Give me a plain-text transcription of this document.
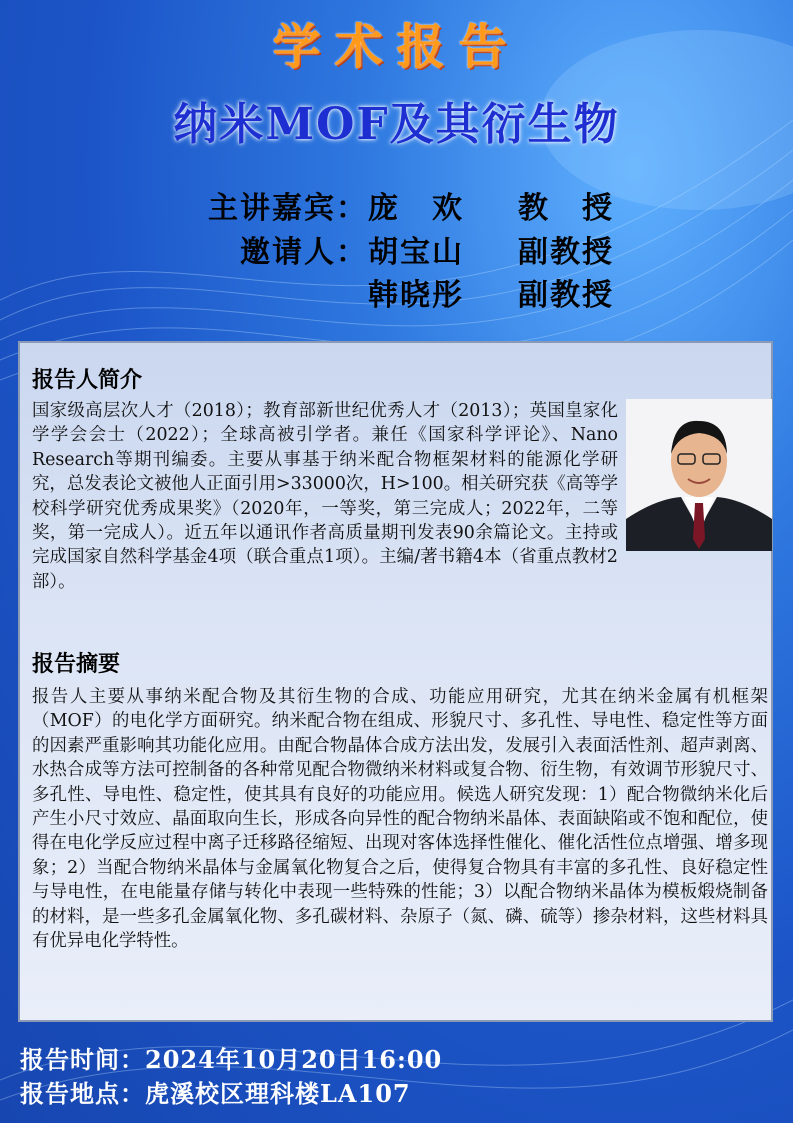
学术报告
纳米MOF及其衍生物
主讲嘉宾：庞　欢 教　授
邀请人：胡宝山 副教授
韩晓彤 副教授
报告人简介
国家级高层次人才（2018）；教育部新世纪优秀人才（2013）；英国皇家化学学会会士（2022）；全球高被引学者。兼任《国家科学评论》、Nano Research等期刊编委。主要从事基于纳米配合物框架材料的能源化学研究，总发表论文被他人正面引用>33000次，H>100。相关研究获《高等学校科学研究优秀成果奖》（2020年，一等奖，第三完成人；2022年，二等奖，第一完成人）。近五年以通讯作者高质量期刊发表90余篇论文。主持或完成国家自然科学基金4项（联合重点1项）。主编/著书籍4本（省重点教材2部）。
报告摘要
报告人主要从事纳米配合物及其衍生物的合成、功能应用研究，尤其在纳米金属有机框架（MOF）的电化学方面研究。纳米配合物在组成、形貌尺寸、多孔性、导电性、稳定性等方面的因素严重影响其功能化应用。由配合物晶体合成方法出发，发展引入表面活性剂、超声剥离、水热合成等方法可控制备的各种常见配合物微纳米材料或复合物、衍生物，有效调节形貌尺寸、多孔性、导电性、稳定性，使其具有良好的功能应用。候选人研究发现：1）配合物微纳米化后产生小尺寸效应、晶面取向生长，形成各向异性的配合物纳米晶体、表面缺陷或不饱和配位，使得在电化学反应过程中离子迁移路径缩短、出现对客体选择性催化、催化活性位点增强、增多现象；2）当配合物纳米晶体与金属氧化物复合之后，使得复合物具有丰富的多孔性、良好稳定性与导电性，在电能量存储与转化中表现一些特殊的性能；3）以配合物纳米晶体为模板煅烧制备的材料，是一些多孔金属氧化物、多孔碳材料、杂原子（氮、磷、硫等）掺杂材料，这些材料具有优异电化学特性。
报告时间：2024年10月20日16:00
报告地点：虎溪校区理科楼LA107
